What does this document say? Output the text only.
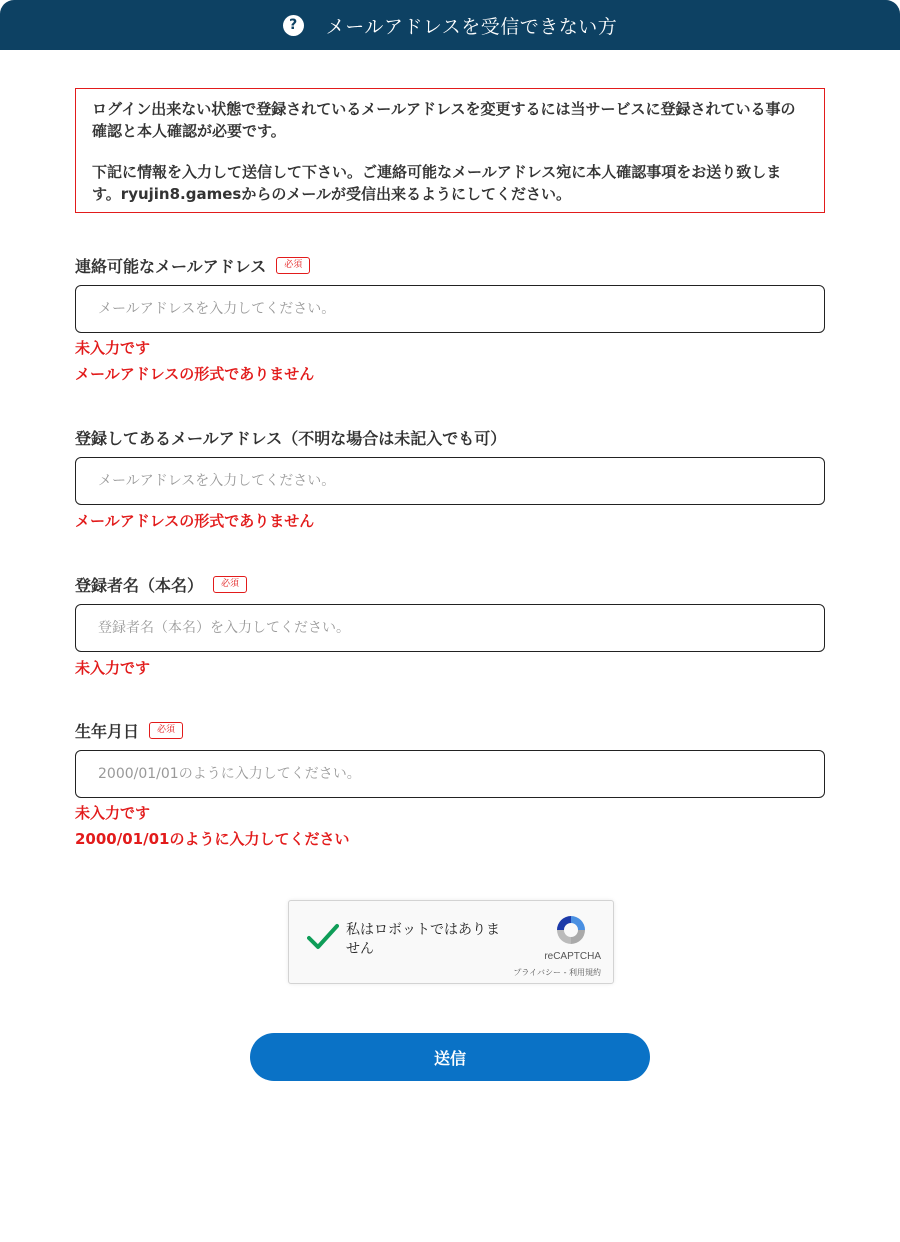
?	メールアドレスを受信できない方

ログイン出来ない状態で登録されているメールアドレスを変更するには当サービスに登録されている事の確認と本人確認が必要です。

下記に情報を入力して送信して下さい。ご連絡可能なメールアドレス宛に本人確認事項をお送り致します。ryujin8.gamesからのメールが受信出来るようにしてください。

連絡可能なメールアドレス	必須
メールアドレスを入力してください。
未入力です
メールアドレスの形式でありません
登録してあるメールアドレス（不明な場合は未記入でも可）
メールアドレスを入力してください。
メールアドレスの形式でありません
登録者名（本名）	必須
登録者名（本名）を入力してください。
未入力です
生年月日	必須
2000/01/01のように入力してください。
未入力です
2000/01/01のように入力してください
私はロボットではありません	reCAPTCHA
プライバシー - 利用規約
送信
